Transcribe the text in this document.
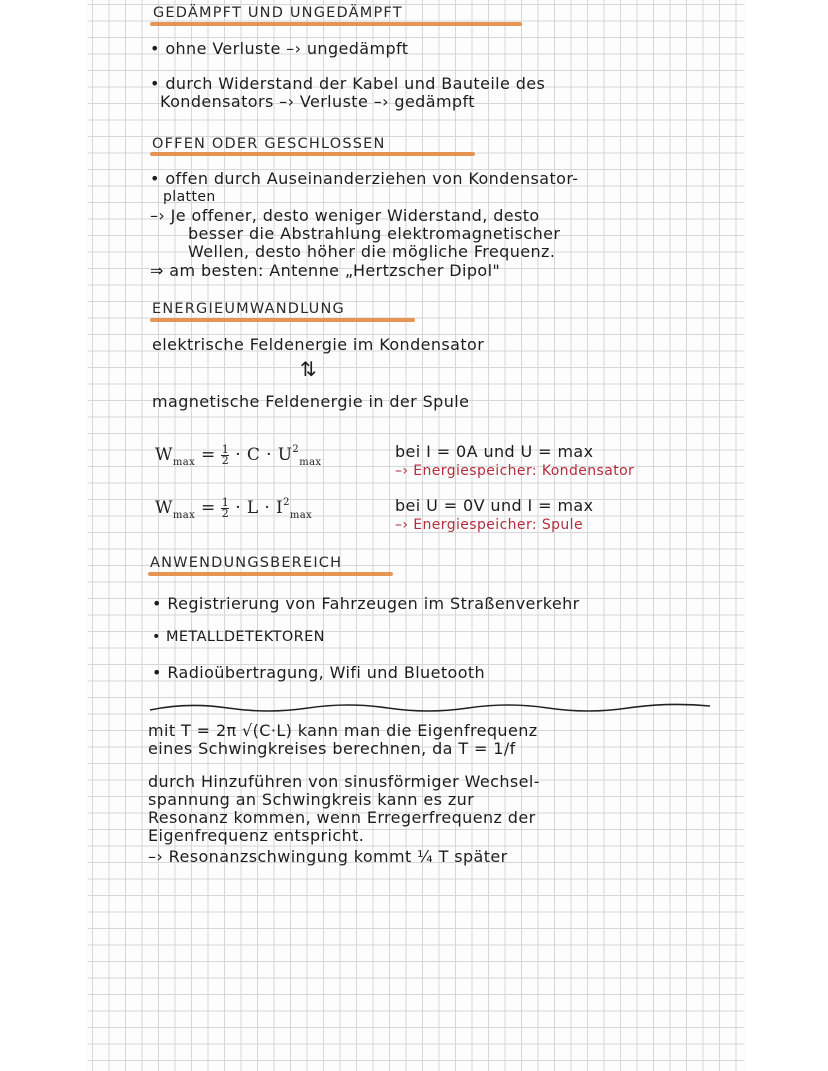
GEDÄMPFT UND UNGEDÄMPFT
• ohne Verluste –› ungedämpft
• durch Widerstand der Kabel und Bauteile des
Kondensators –› Verluste –› gedämpft
OFFEN ODER GESCHLOSSEN
• offen durch Auseinanderziehen von Kondensator-
platten
–› Je offener, desto weniger Widerstand, desto
besser die Abstrahlung elektromagnetischer
Wellen, desto höher die mögliche Frequenz.
⇒ am besten: Antenne „Hertzscher Dipol"
ENERGIEUMWANDLUNG
elektrische Feldenergie im Kondensator
⇅
magnetische Feldenergie in der Spule
$W_{max} = \frac{1}{2} \cdot C \cdot U^2_{max}$
bei I = 0A und U = max
–› Energiespeicher: Kondensator
$W_{max} = \frac{1}{2} \cdot L \cdot I^2_{max}$
bei U = 0V und I = max
–› Energiespeicher: Spule
ANWENDUNGSBEREICH
• Registrierung von Fahrzeugen im Straßenverkehr
• METALLDETEKTOREN
• Radioübertragung, Wifi und Bluetooth
mit T = 2π √(C·L) kann man die Eigenfrequenz
eines Schwingkreises berechnen, da T = 1/f
durch Hinzuführen von sinusförmiger Wechsel-
spannung an Schwingkreis kann es zur
Resonanz kommen, wenn Erregerfrequenz der
Eigenfrequenz entspricht.
–› Resonanzschwingung kommt ¼ T später
